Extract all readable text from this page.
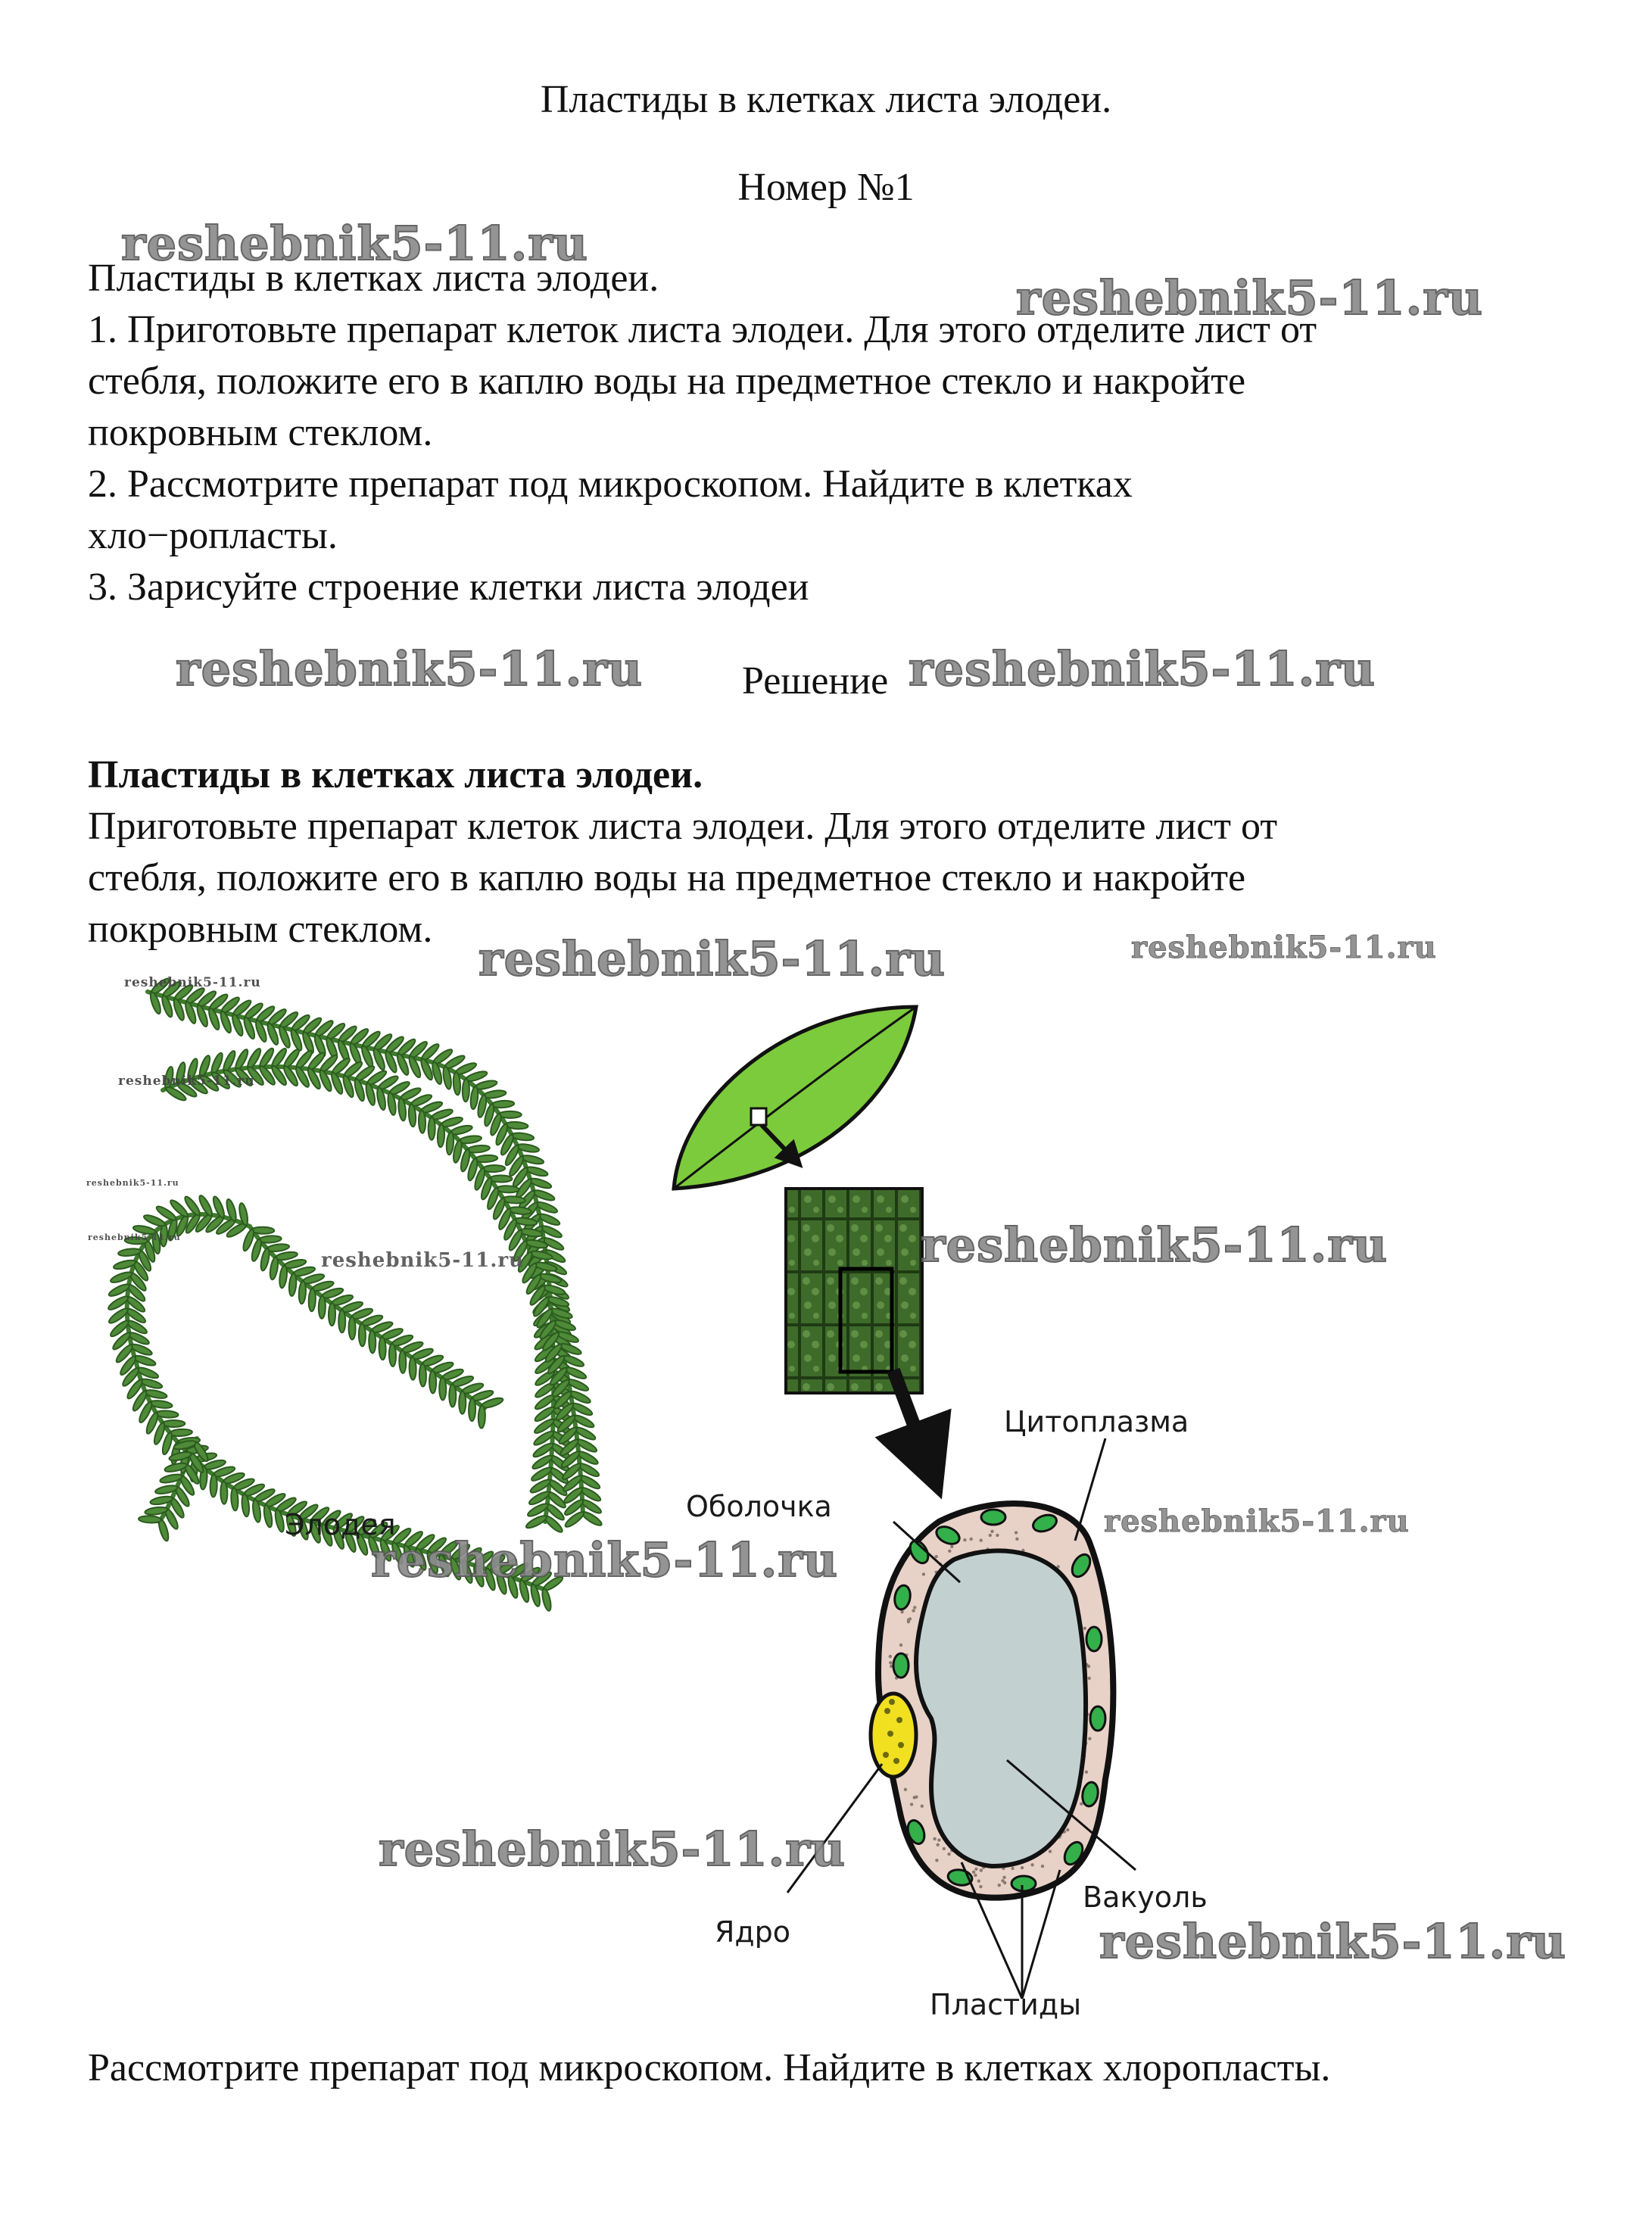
Пластиды в клетках листа элодеи.
Номер №1
Пластиды в клетках листа элодеи.
1. Приготовьте препарат клеток листа элодеи. Для этого отделите лист от
стебля, положите его в каплю воды на предметное стекло и накройте
покровным стеклом.
2. Рассмотрите препарат под микроскопом. Найдите в клетках
хло−ропласты.
3. Зарисуйте строение клетки листа элодеи
Решение
Пластиды в клетках листа элодеи.
Приготовьте препарат клеток листа элодеи. Для этого отделите лист от
стебля, положите его в каплю воды на предметное стекло и накройте
покровным стеклом.
Рассмотрите препарат под микроскопом. Найдите в клетках хлоропласты.
Элодея
Цитоплазма
Оболочка
Вакуоль
Ядро
Пластиды
reshebnik5-11.ru
reshebnik5-11.ru
reshebnik5-11.ru	reshebnik5-11.ru
reshebnik5-11.ru	reshebnik5-11.ru
reshebnik5-11.ru
reshebnik5-11.ru
reshebnik5-11.ru
reshebnik5-11.ru
reshebnik5-11.ru	reshebnik5-11.ru
reshebnik5-11.ru
reshebnik5-11.ru
reshebnik5-11.ru
reshebnik5-11.ru
